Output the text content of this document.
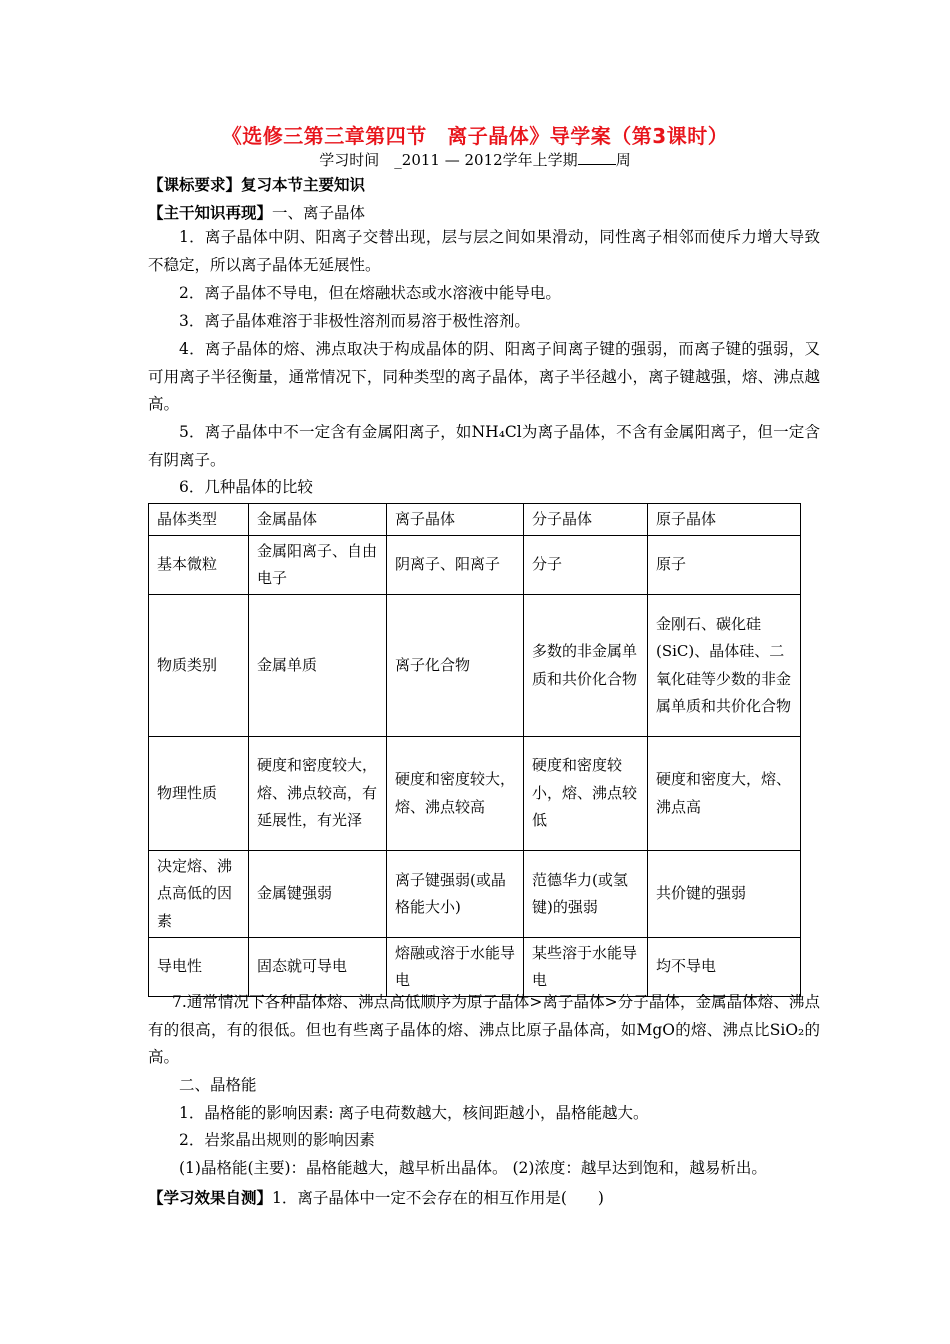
《选修三第三章第四节　离子晶体》导学案（第3课时）
学习时间　_2011 — 2012学年上学期	周
【课标要求】复习本节主要知识
【主干知识再现】一、离子晶体
1．离子晶体中阴、阳离子交替出现，层与层之间如果滑动，同性离子相邻而使斥力增大导致不稳定，所以离子晶体无延展性。
2．离子晶体不导电，但在熔融状态或水溶液中能导电。
3．离子晶体难溶于非极性溶剂而易溶于极性溶剂。
4．离子晶体的熔、沸点取决于构成晶体的阴、阳离子间离子键的强弱，而离子键的强弱，又可用离子半径衡量，通常情况下，同种类型的离子晶体，离子半径越小，离子键越强，熔、沸点越高。
5．离子晶体中不一定含有金属阳离子，如NH₄Cl为离子晶体，不含有金属阳离子，但一定含有阴离子。
6．几种晶体的比较
晶体类型	金属晶体	离子晶体	分子晶体	原子晶体
基本微粒	金属阳离子、自由电子	阴离子、阳离子	分子	原子
物质类别	金属单质	离子化合物	多数的非金属单质和共价化合物	金刚石、碳化硅(SiC)、晶体硅、二氧化硅等少数的非金属单质和共价化合物
物理性质	硬度和密度较大，熔、沸点较高，有延展性，有光泽	硬度和密度较大，熔、沸点较高	硬度和密度较小，熔、沸点较低	硬度和密度大，熔、沸点高
决定熔、沸点高低的因素	金属键强弱	离子键强弱(或晶格能大小)	范德华力(或氢键)的强弱	共价键的强弱
导电性	固态就可导电	熔融或溶于水能导电	某些溶于水能导电	均不导电
7.通常情况下各种晶体熔、沸点高低顺序为原子晶体>离子晶体>分子晶体，金属晶体熔、沸点有的很高，有的很低。但也有些离子晶体的熔、沸点比原子晶体高，如MgO的熔、沸点比SiO₂的高。
二、晶格能
1．晶格能的影响因素: 离子电荷数越大，核间距越小，晶格能越大。
2．岩浆晶出规则的影响因素
(1)晶格能(主要)：晶格能越大，越早析出晶体。 (2)浓度：越早达到饱和，越易析出。
【学习效果自测】1．离子晶体中一定不会存在的相互作用是(　　)
